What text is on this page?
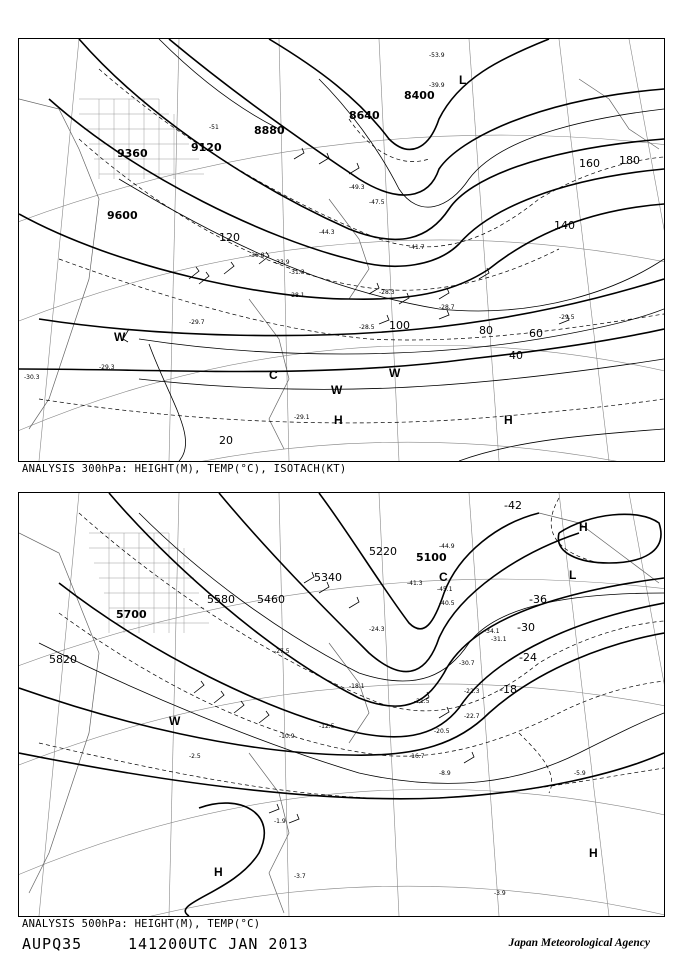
9600
9360	9120
8880
8640
8400
20
40
60
80
100
120
140
160 180
L
H	H
W
W
W
C
-39.9
-51
-53.9
-49.3
-47.5
-44.3
-41.7
-36.8
-33.9
-31.3
-28.1	-28.3
-29.5
-29.7
-29.1
-30.3
-28.5
-29.3
-28.7
ANALYSIS 300hPa: HEIGHT(M), TEMP(°C), ISOTACH(KT)
5820
5700
5580 5460
5340
5220 5100
-42
-36
-30
-24
-18
H
H
H
L
C
W
-45.1
-44.9
-41.3
-40.5
-34.1
-31.1
-30.7
-27.5
-24.3
-22.3
-22.7
-21.5
-20.5
-18.1
-16.7
-12.5
-10.9
-8.9	-5.9
-3.9
-3.7
-2.5
-1.9
ANALYSIS 500hPa: HEIGHT(M), TEMP(°C)
AUPQ35	141200UTC JAN 2013	Japan Meteorological Agency
